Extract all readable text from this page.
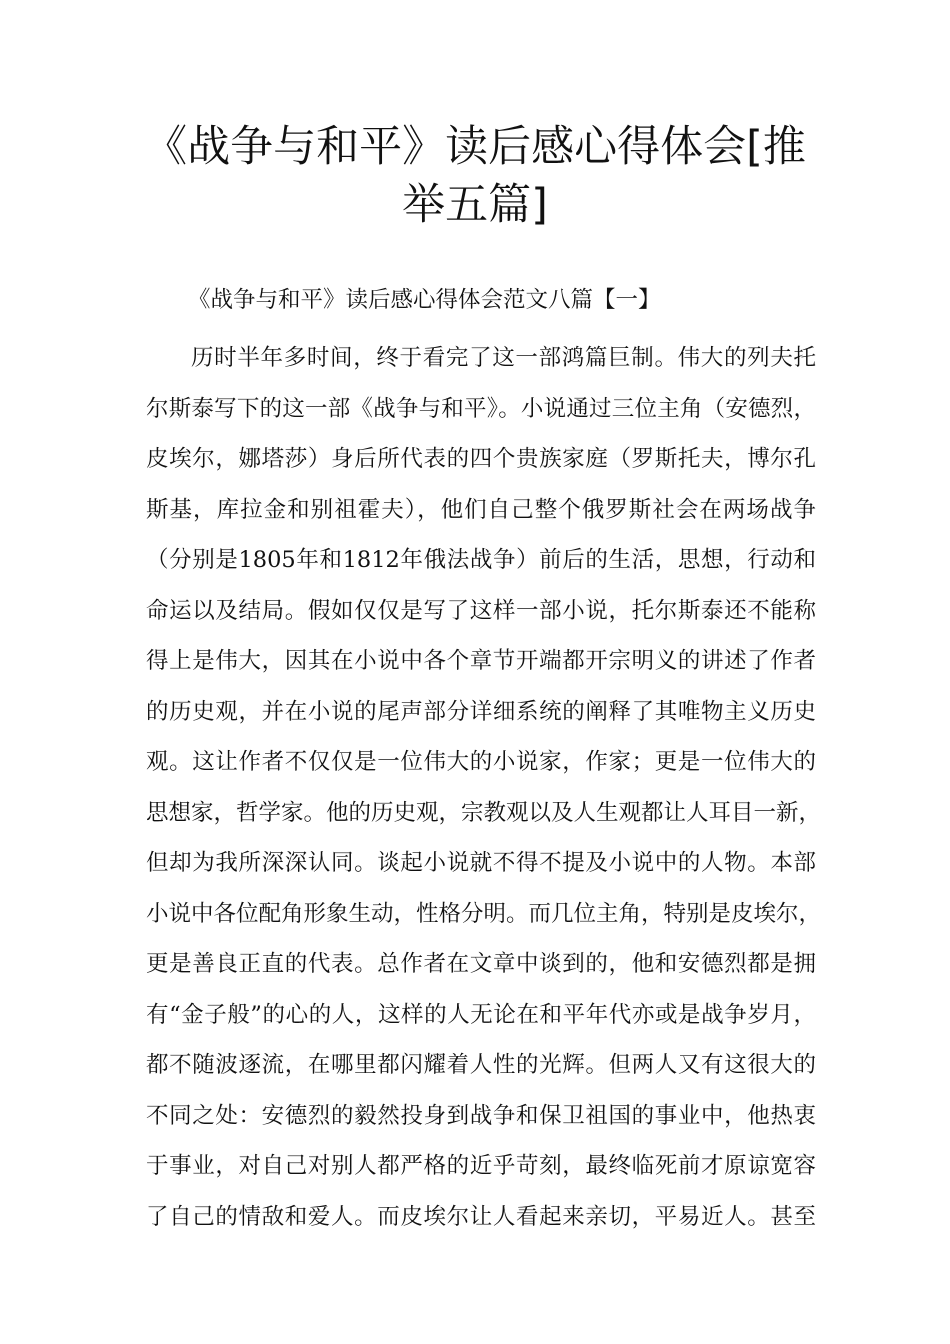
《战争与和平》读后感心得体会[推举五篇]

《战争与和平》读后感心得体会范文八篇【一】

历时半年多时间，终于看完了这一部鸿篇巨制。伟大的列夫托
尔斯泰写下的这一部《战争与和平》。小说通过三位主角（安德烈，
皮埃尔，娜塔莎）身后所代表的四个贵族家庭（罗斯托夫，博尔孔
斯基，库拉金和别祖霍夫），他们自己整个俄罗斯社会在两场战争
（分别是1805年和1812年俄法战争）前后的生活，思想，行动和
命运以及结局。假如仅仅是写了这样一部小说，托尔斯泰还不能称
得上是伟大，因其在小说中各个章节开端都开宗明义的讲述了作者
的历史观，并在小说的尾声部分详细系统的阐释了其唯物主义历史
观。这让作者不仅仅是一位伟大的小说家，作家；更是一位伟大的
思想家，哲学家。他的历史观，宗教观以及人生观都让人耳目一新，
但却为我所深深认同。谈起小说就不得不提及小说中的人物。本部
小说中各位配角形象生动，性格分明。而几位主角，特别是皮埃尔，
更是善良正直的代表。总作者在文章中谈到的，他和安德烈都是拥
有“金子般”的心的人，这样的人无论在和平年代亦或是战争岁月，
都不随波逐流，在哪里都闪耀着人性的光辉。但两人又有这很大的
不同之处：安德烈的毅然投身到战争和保卫祖国的事业中，他热衷
于事业，对自己对别人都严格的近乎苛刻，最终临死前才原谅宽容
了自己的情敌和爱人。而皮埃尔让人看起来亲切，平易近人。甚至
